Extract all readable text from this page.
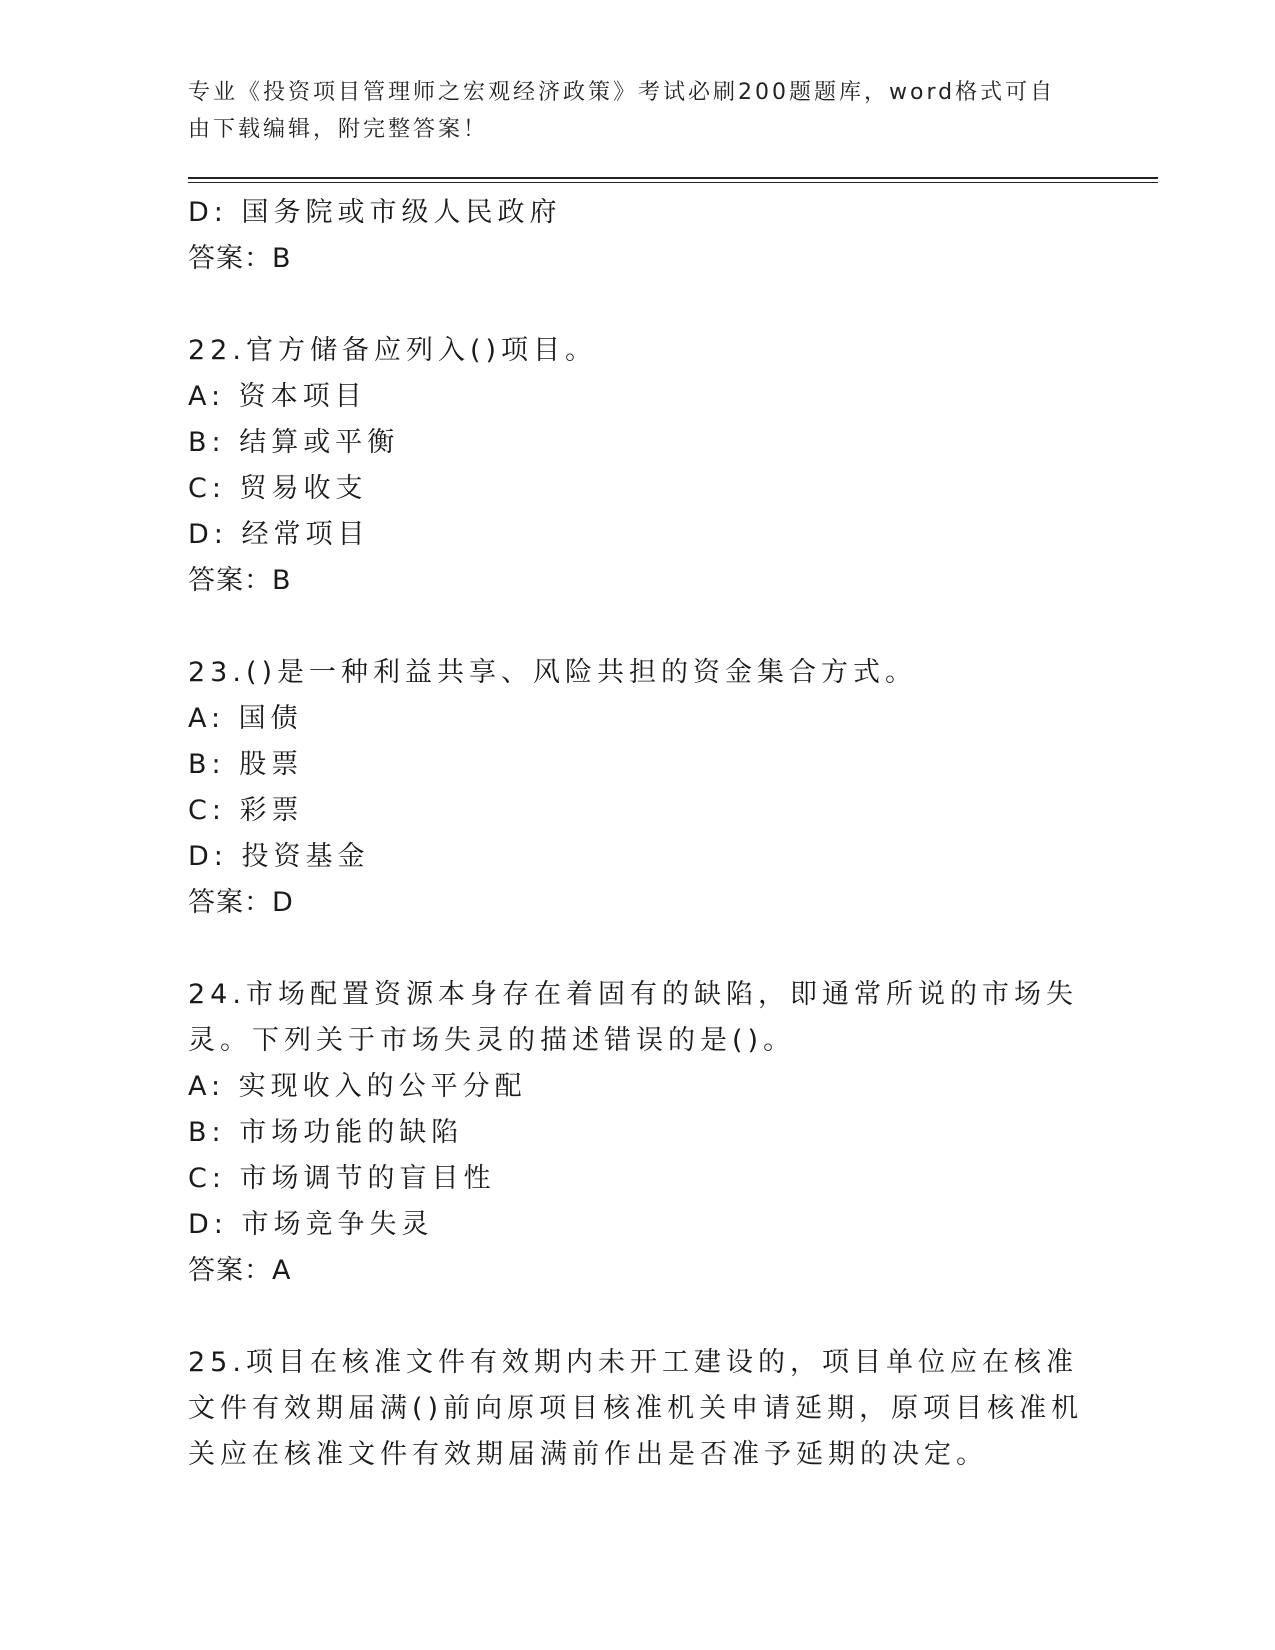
专业《投资项目管理师之宏观经济政策》考试必刷200题题库，word格式可自由下载编辑，附完整答案！

D: 国务院或市级人民政府

答案：B

22.官方储备应列入()项目。

A: 资本项目

B: 结算或平衡

C: 贸易收支

D: 经常项目

答案：B

23.()是一种利益共享、风险共担的资金集合方式。

A: 国债

B: 股票

C: 彩票

D: 投资基金

答案：D

24.市场配置资源本身存在着固有的缺陷，即通常所说的市场失灵。下列关于市场失灵的描述错误的是()。

A: 实现收入的公平分配

B: 市场功能的缺陷

C: 市场调节的盲目性

D: 市场竞争失灵

答案：A

25.项目在核准文件有效期内未开工建设的，项目单位应在核准文件有效期届满()前向原项目核准机关申请延期，原项目核准机关应在核准文件有效期届满前作出是否准予延期的决定。
